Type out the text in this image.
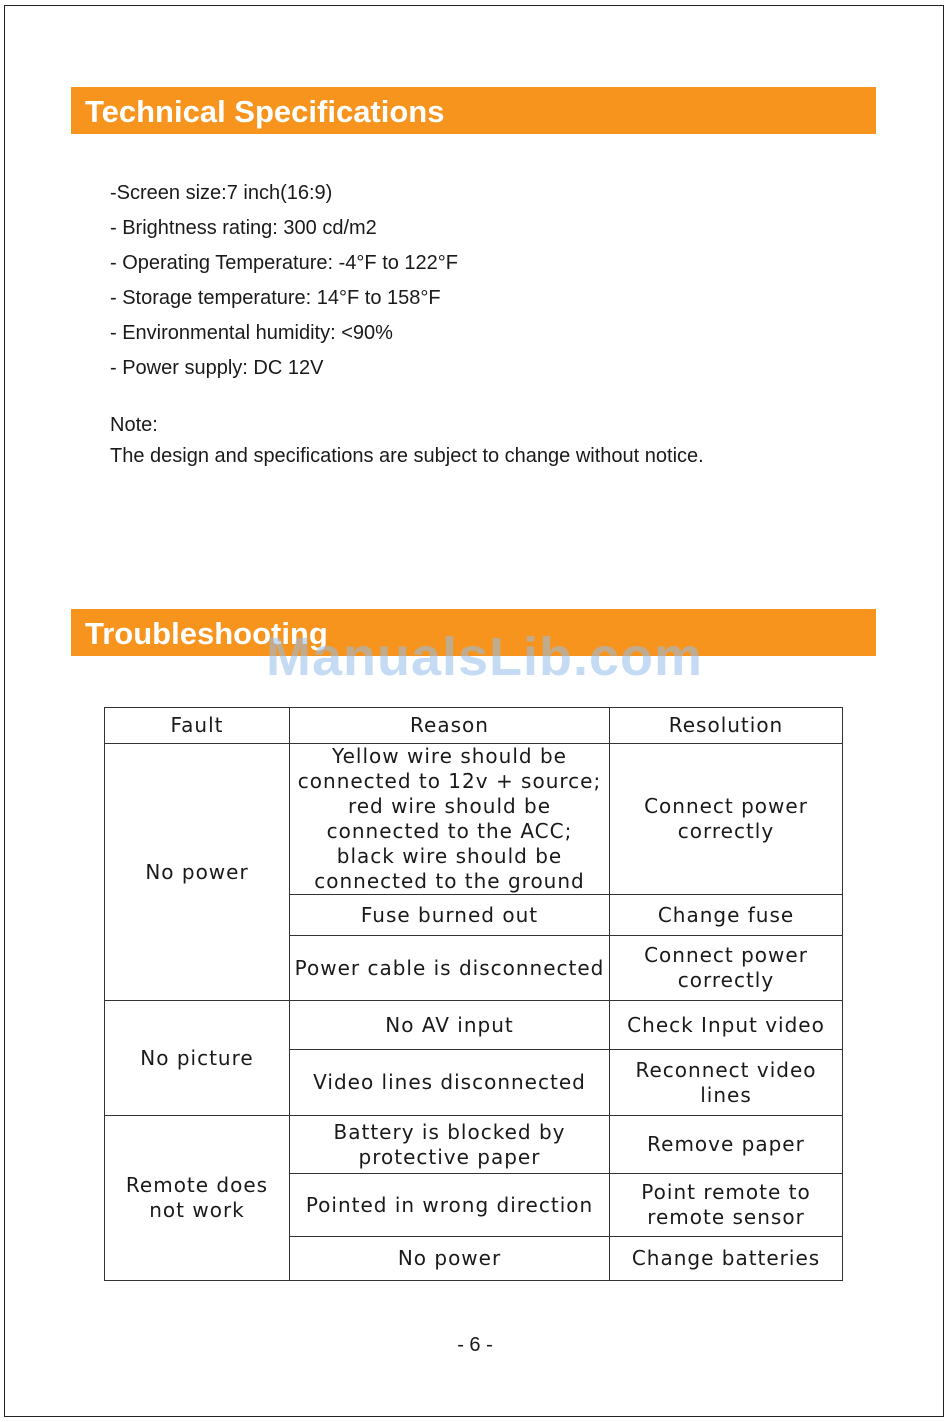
Technical Specifications
-Screen size:7 inch(16:9)
- Brightness rating: 300 cd/m2
- Operating Temperature: -4°F to 122°F
- Storage temperature: 14°F to 158°F
- Environmental humidity: <90%
- Power supply: DC 12V
Note:
The design and specifications are subject to change without notice.
Troubleshooting
ManualsLib.com
Fault	Reason	Resolution
No power	Yellow wire should be connected to 12v + source; red wire should be connected to the ACC; black wire should be connected to the ground	Connect power correctly
	Fuse burned out	Change fuse
	Power cable is disconnected	Connect power correctly
No picture	No AV input	Check Input video
	Video lines disconnected	Reconnect video lines
Remote does not work	Battery is blocked by protective paper	Remove paper
	Pointed in wrong direction	Point remote to remote sensor
	No power	Change batteries
- 6 -
